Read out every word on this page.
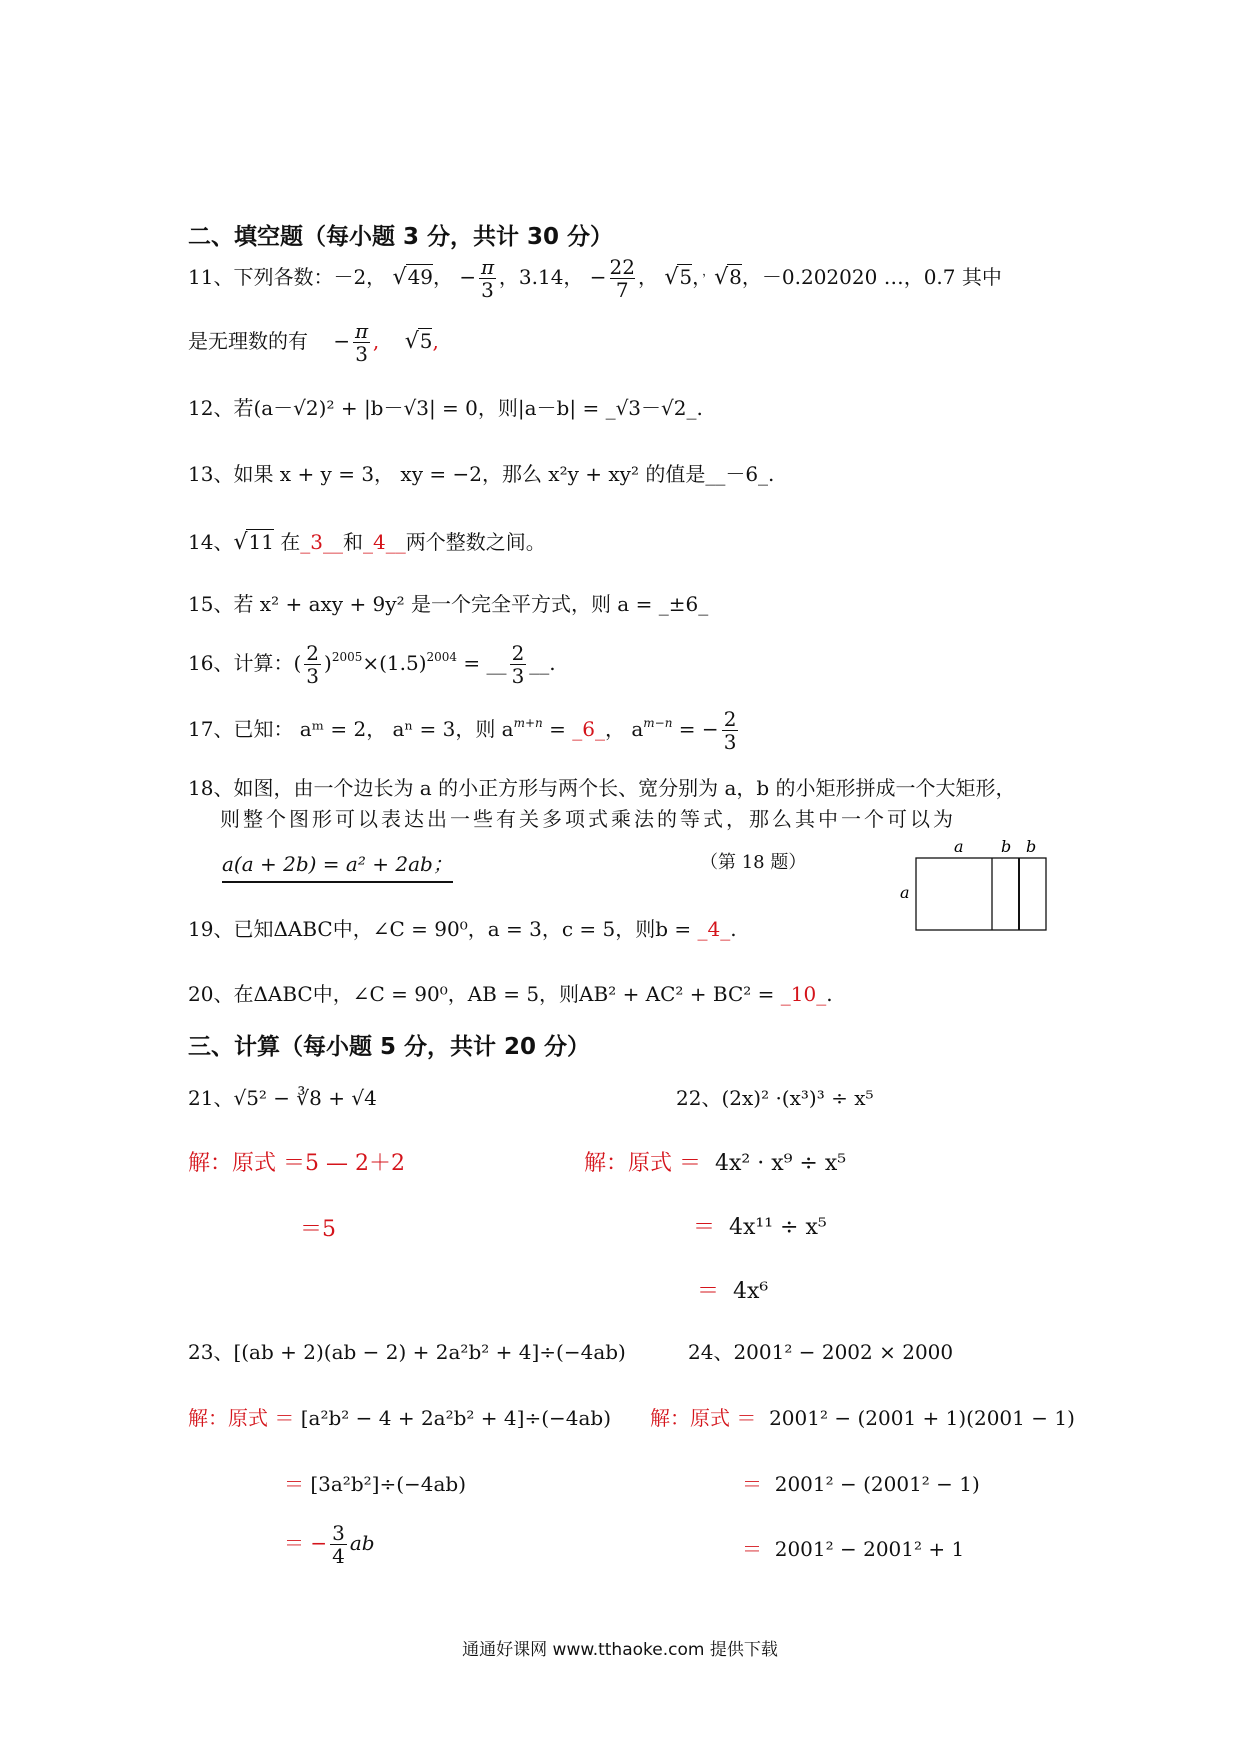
二、填空题（每小题 3 分，共计 30 分）
11、下列各数：－2， √49， − $\frac{\pi}{3}$ ，3.14， − $\frac{22}{7}$ ， √5，，√8，－0.202020 …，0.7 其中
是无理数的有    − $\frac{\pi}{3}$ , √5,
12、若(a－√2)² + |b－√3| = 0，则|a－b| = _√3－√2_.
13、如果 x + y = 3， xy = −2，那么 x²y + xy² 的值是__－6_.
14、√11 在_3__和_4__两个整数之间。
15、若 x² + axy + 9y² 是一个完全平方式，则 a = _±6_
16、计算：( $\frac{2}{3} )^{2005}\times(1.5)^{2004}$ = __ $\frac{2}{3}$ __.
17、已知： aᵐ = 2， aⁿ = 3，则 $a^{m+n}$ = _6_， $a^{m-n}$ = − $\frac{2}{3}$
18、如图，由一个边长为 a 的小正方形与两个长、宽分别为 a，b 的小矩形拼成一个大矩形，
则整个图形可以表达出一些有关多项式乘法的等式，那么其中一个可以为
a(a + 2b) = a² + 2ab；	（第 18 题）
a b b
a
19、已知ΔABC中，∠C = 90⁰，a = 3，c = 5，则b = _4_.
20、在ΔABC中，∠C = 90⁰，AB = 5，则AB² + AC² + BC² = _10_.
三、计算（每小题 5 分，共计 20 分）
21、√5² − ∛8 + √4	22、(2x)² ·(x³)³ ÷ x⁵
解：原式 ＝5 — 2＋2
＝5
解：原式 ＝ 4x² · x⁹ ÷ x⁵
＝ 4x¹¹ ÷ x⁵
＝ 4x⁶
23、[(ab + 2)(ab − 2) + 2a²b² + 4]÷(−4ab)	24、2001² − 2002 × 2000
解：原式 ＝ [a²b² − 4 + 2a²b² + 4]÷(−4ab)
＝ [3a²b²]÷(−4ab)
＝ − $\frac{3}{4}$ ab
解：原式 ＝ 2001² − (2001 + 1)(2001 − 1)
＝ 2001² − (2001² − 1)
＝ 2001² − 2001² + 1
通通好课网 www.tthaoke.com 提供下载
